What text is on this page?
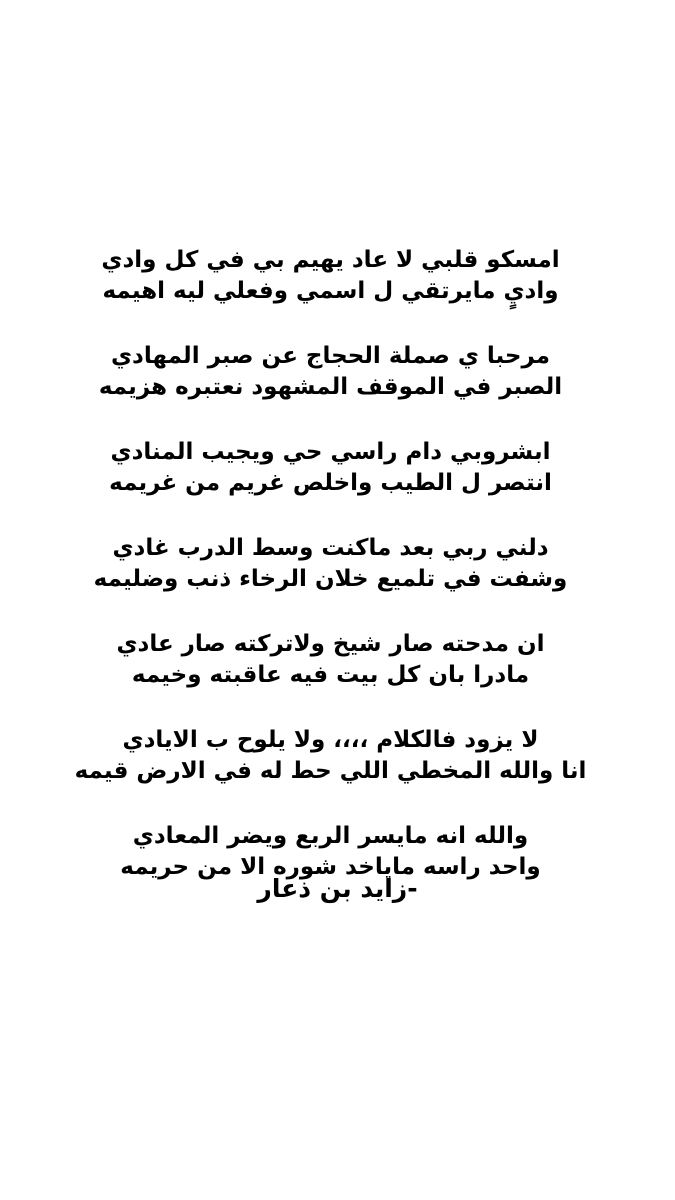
امسكو قلبي لا عاد يهيم بي في كل وادي
واديٍ مايرتقي ل اسمي وفعلي ليه اهيمه
مرحبا ي صملة الحجاج عن صبر المهادي
الصبر في الموقف المشهود نعتبره هزيمه
ابشروبي دام راسي حي ويجيب المنادي
انتصر ل الطيب واخلص غريم من غريمه
دلني ربي بعد ماكنت وسط الدرب غادي
وشفت في تلميع خلان الرخاء ذنب وضليمه
ان مدحته صار شيخ ولاتركته صار عادي
مادرا بان كل بيت فيه عاقبته وخيمه
لا يزود فالكلام ،،،، ولا يلوح ب الايادي
انا والله المخطي اللي حط له في الارض قيمه
والله انه مايسر الربع ويضر المعادي
واحد راسه ماياخد شوره الا من حريمه
-زايد بن ذعار
